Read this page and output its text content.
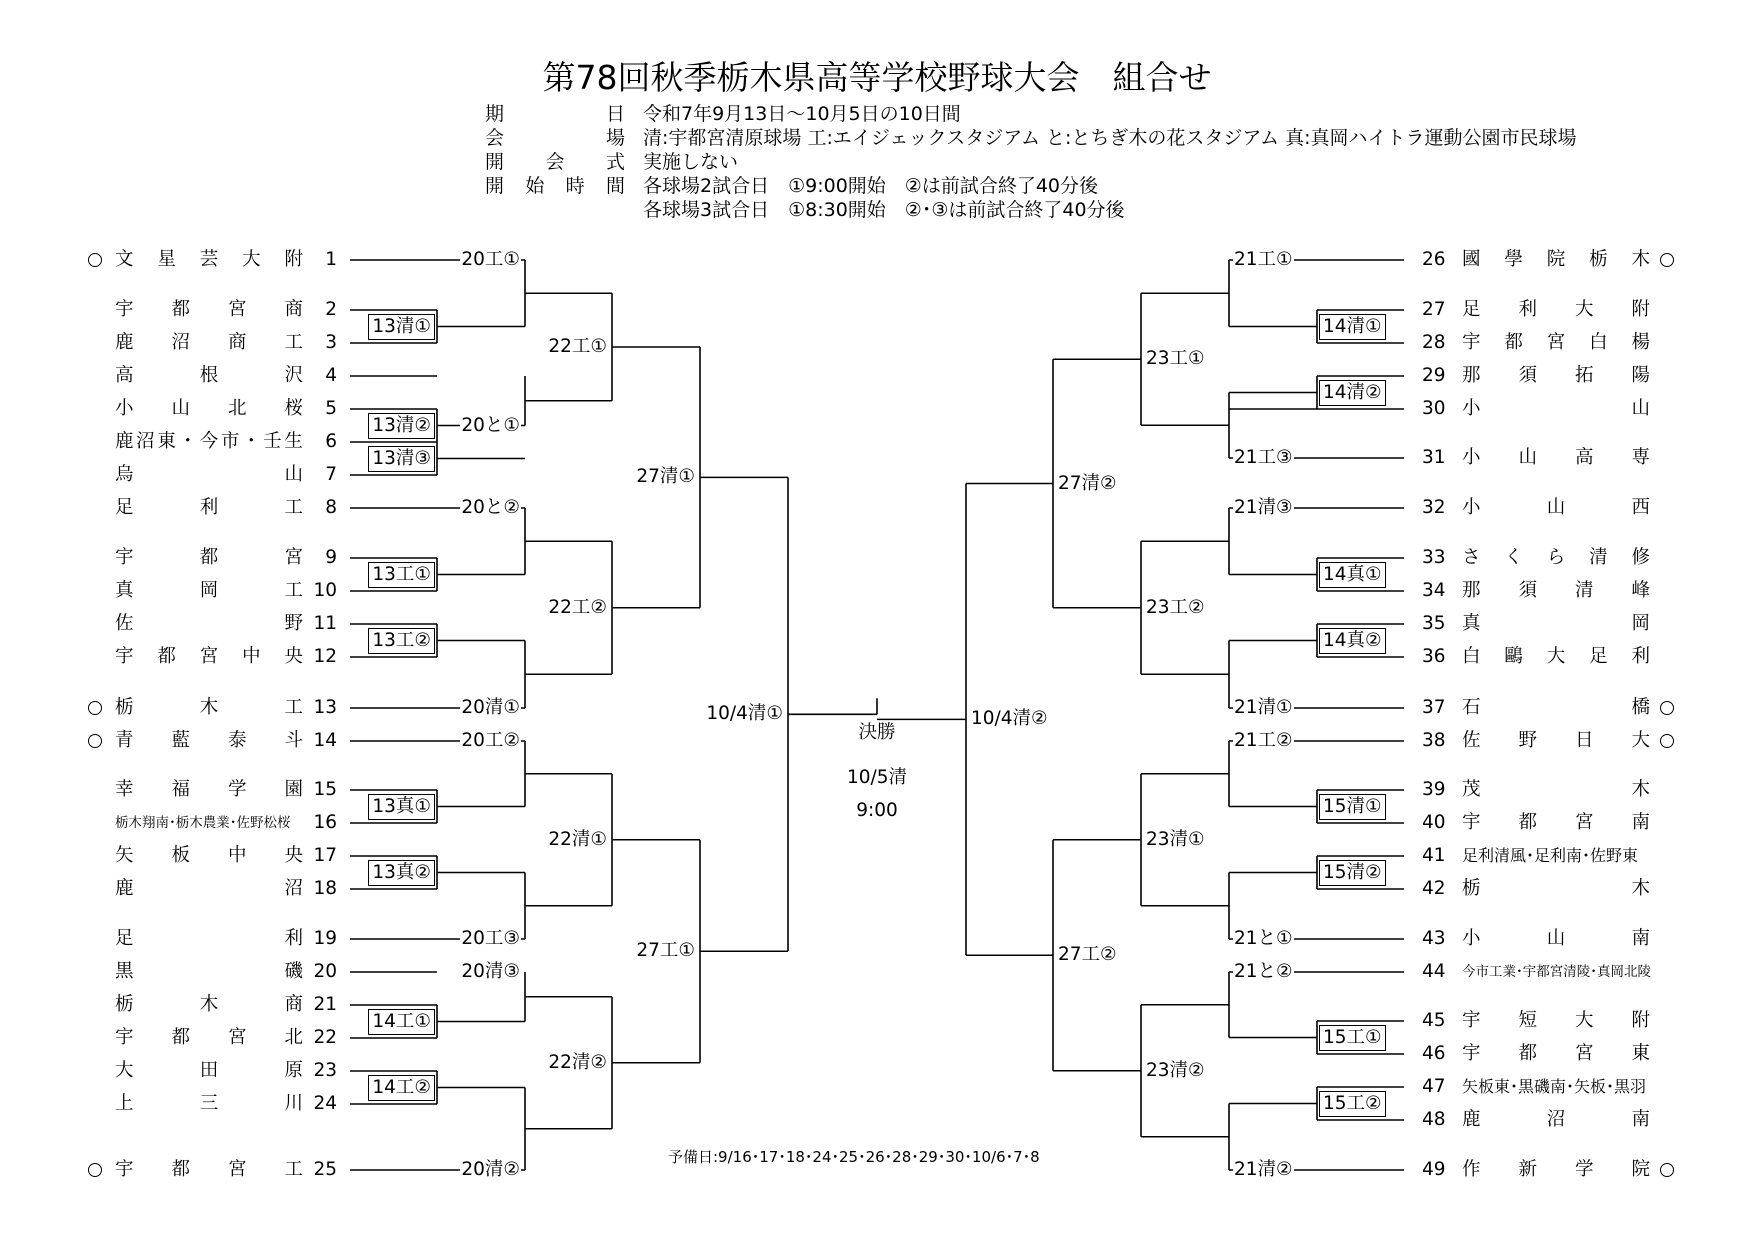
第78回秋季栃木県高等学校野球大会　組合せ
期	日 令和7年9月13日～10月5日の10日間
会	場 清:宇都宮清原球場 工:エイジェックスタジアム と:とちぎ木の花スタジアム 真:真岡ハイトラ運動公園市民球場
開 会 式 実施しない
開 始 時 間 各球場2試合日　①9:00開始　②は前試合終了40分後
各球場3試合日　①8:30開始　②･③は前試合終了40分後
文 星 芸 大 附	1
宇 都 宮 商	2
鹿 沼 商 工	3
高	根	沢	4
小 山 北 桜	5
鹿 沼 東 ・ 今 市 ・ 壬 生	6
烏	山	7
足	利	工	8
宇	都	宮	9
真	岡	工 10
佐	野 11
宇 都 宮 中 央 12
栃	木	工 13
青 藍 泰 斗 14
幸 福 学 園 15
栃木翔南･栃木農業･佐野松桜	16
矢 板 中 央 17
鹿	沼 18
足	利 19
黒	磯 20
栃	木	商 21
宇 都 宮 北 22
大	田	原 23
上	三	川 24
宇 都 宮 工 25
26 國 學 院 栃 木
27 足 利 大 附
28 宇 都 宮 白 楊
29 那 須 拓 陽
30 小	山
31 小 山 高 専
32 小	山	西
33 さ く ら 清 修
34 那 須 清 峰
35 真	岡
36 白 鷗 大 足 利
37 石	橋
38 佐 野 日 大
39 茂	木
40 宇 都 宮 南
41	足利清風･足利南･佐野東
42 栃	木
43 小	山	南
44	今市工業･宇都宮清陵･真岡北陵
45 宇 短 大 附
46 宇 都 宮 東
47	矢板東･黒磯南･矢板･黒羽
48 鹿	沼	南
49 作 新 学 院
13清①
13清②
13清③
13工①
13工②
13真①
13真②
14工①
14工②
20工①
20と①
20と②
20清①
20工②
20工③
20清③
20清②
22工①
22工②
22清①
22清②
27清①
27工①
10/4清①
14清①
14清②
14真①
14真②
15清①
15清②
15工①
15工②
21工①
21工③
21清③
21清①
21工②
21と①
21と②
21清②
23工①
23工②
23清①
23清②
27清②
27工②
10/4清②
決勝
10/5清
9:00
予備日:9/16･17･18･24･25･26･28･29･30･10/6･7･8
